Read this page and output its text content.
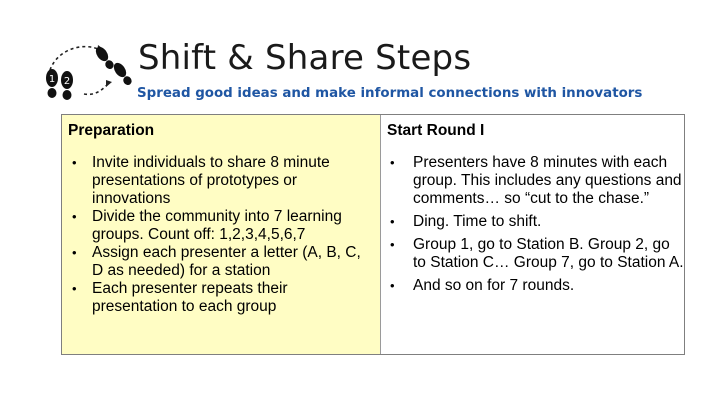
1 2
Shift & Share Steps
Spread good ideas and make informal connections with innovators
Preparation
• Invite individuals to share 8 minute presentations of prototypes or innovations
• Divide the community into 7 learning groups. Count off: 1,2,3,4,5,6,7
• Assign each presenter a letter (A, B, C, D as needed) for a station
• Each presenter repeats their presentation to each group
Start Round I
• Presenters have 8 minutes with each group. This includes any questions and comments… so “cut to the chase.”
• Ding. Time to shift.
• Group 1, go to Station B. Group 2, go to Station C… Group 7, go to Station A.
• And so on for 7 rounds.
